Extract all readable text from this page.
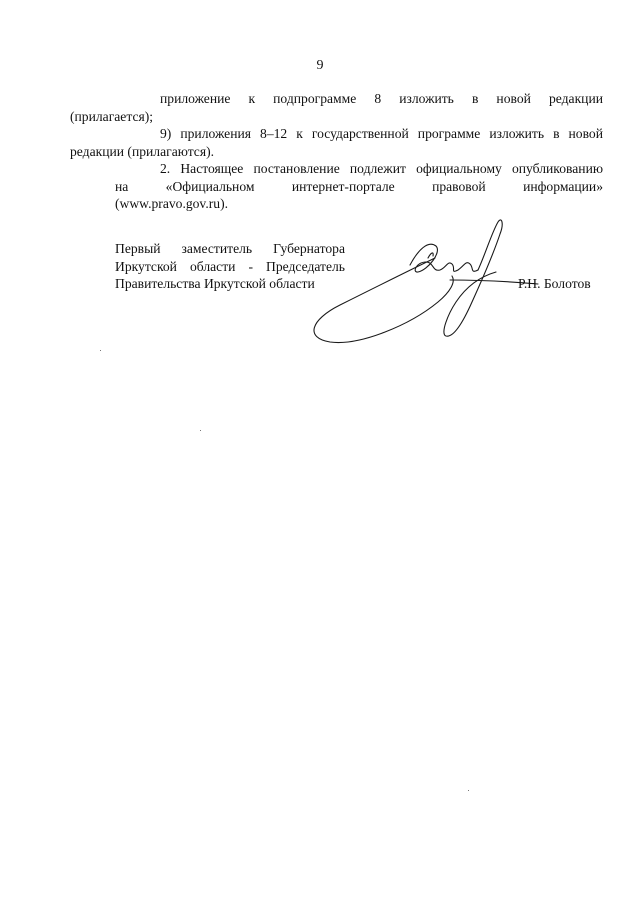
9

приложение к подпрограмме 8 изложить в новой редакции
(прилагается);

9) приложения 8–12 к государственной программе изложить в новой
редакции (прилагаются).

2. Настоящее постановление подлежит официальному опубликованию
на «Официальном интернет-портале правовой информации»
(www.pravo.gov.ru).

Первый заместитель Губернатора
Иркутской области - Председатель
Правительства Иркутской области	Р.Н. Болотов
